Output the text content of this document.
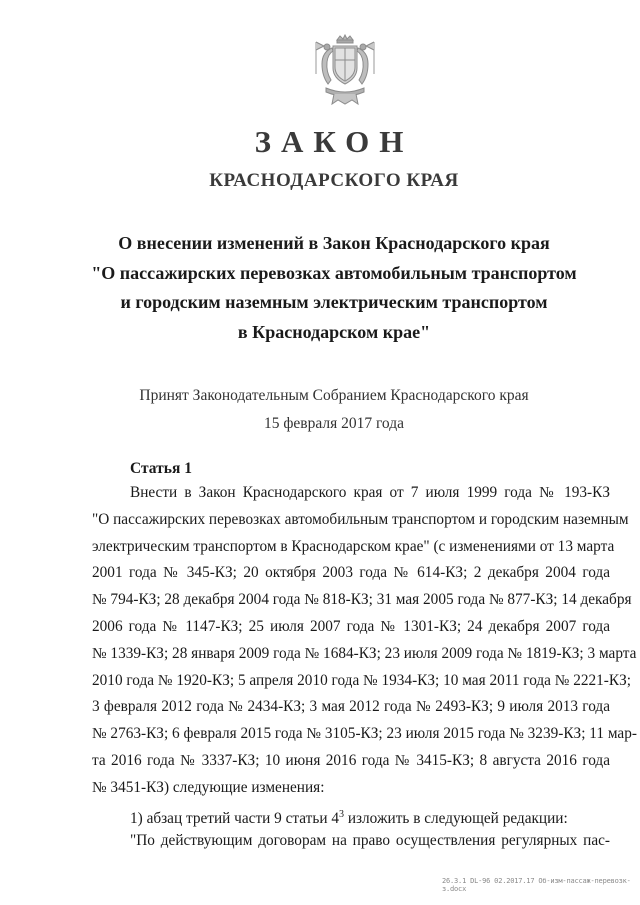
ЗАКОН
КРАСНОДАРСКОГО КРАЯ
О внесении изменений в Закон Краснодарского края
"О пассажирских перевозках автомобильным транспортом
и городским наземным электрическим транспортом
в Краснодарском крае"
Принят Законодательным Собранием Краснодарского края
15 февраля 2017 года
Статья 1
Внести в Закон Краснодарского края от 7 июля 1999 года № 193-КЗ
"О пассажирских перевозках автомобильным транспортом и городским наземным
электрическим транспортом в Краснодарском крае" (с изменениями от 13 марта
2001 года № 345-КЗ; 20 октября 2003 года № 614-КЗ; 2 декабря 2004 года
№ 794-КЗ; 28 декабря 2004 года № 818-КЗ; 31 мая 2005 года № 877-КЗ; 14 декабря
2006 года № 1147-КЗ; 25 июля 2007 года № 1301-КЗ; 24 декабря 2007 года
№ 1339-КЗ; 28 января 2009 года № 1684-КЗ; 23 июля 2009 года № 1819-КЗ; 3 марта
2010 года № 1920-КЗ; 5 апреля 2010 года № 1934-КЗ; 10 мая 2011 года № 2221-КЗ;
3 февраля 2012 года № 2434-КЗ; 3 мая 2012 года № 2493-КЗ; 9 июля 2013 года
№ 2763-КЗ; 6 февраля 2015 года № 3105-КЗ; 23 июля 2015 года № 3239-КЗ; 11 мар-
та 2016 года № 3337-КЗ; 10 июня 2016 года № 3415-КЗ; 8 августа 2016 года
№ 3451-КЗ) следующие изменения:
1) абзац третий части 9 статьи $4^3$ изложить в следующей редакции:
"По действующим договорам на право осуществления регулярных пас-
26.3.1 DL-96 02.2017.17 Об-изм-пассаж-перевозк-з.docx
